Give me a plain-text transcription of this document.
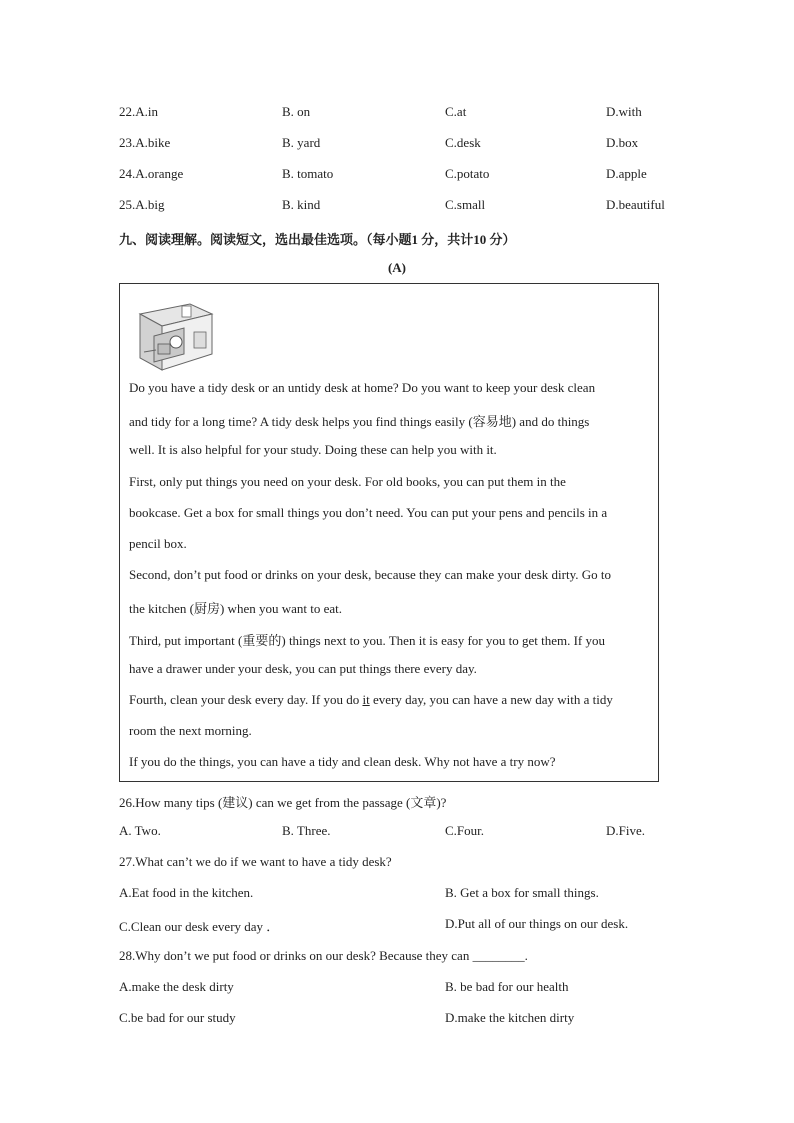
22.A.in	B. on	C.at	D.with
23.A.bike	B. yard	C.desk	D.box
24.A.orange	B. tomato	C.potato	D.apple
25.A.big	B. kind	C.small	D.beautiful
九、阅读理解。阅读短文，选出最佳选项。（每小题1 分，共计10 分）
(A)
Do you have a tidy desk or an untidy desk at home? Do you want to keep your desk clean
and tidy for a long time? A tidy desk helps you find things easily (容易地) and do things
well. It is also helpful for your study. Doing these can help you with it.
First, only put things you need on your desk. For old books, you can put them in the
bookcase. Get a box for small things you don’t need. You can put your pens and pencils in a
pencil box.
Second, don’t put food or drinks on your desk, because they can make your desk dirty. Go to
the kitchen (厨房) when you want to eat.
Third, put important (重要的) things next to you. Then it is easy for you to get them. If you
have a drawer under your desk, you can put things there every day.
Fourth, clean your desk every day. If you do it every day, you can have a new day with a tidy
room the next morning.
If you do the things, you can have a tidy and clean desk. Why not have a try now?
26.How many tips (建议) can we get from the passage (文章)?
A. Two.	B. Three.	C.Four.	D.Five.
27.What can’t we do if we want to have a tidy desk?
A.Eat food in the kitchen.	B. Get a box for small things.
C.Clean our desk every day ．	D.Put all of our things on our desk.
28.Why don’t we put food or drinks on our desk? Because they can ________.
A.make the desk dirty	B. be bad for our health
C.be bad for our study	D.make the kitchen dirty
